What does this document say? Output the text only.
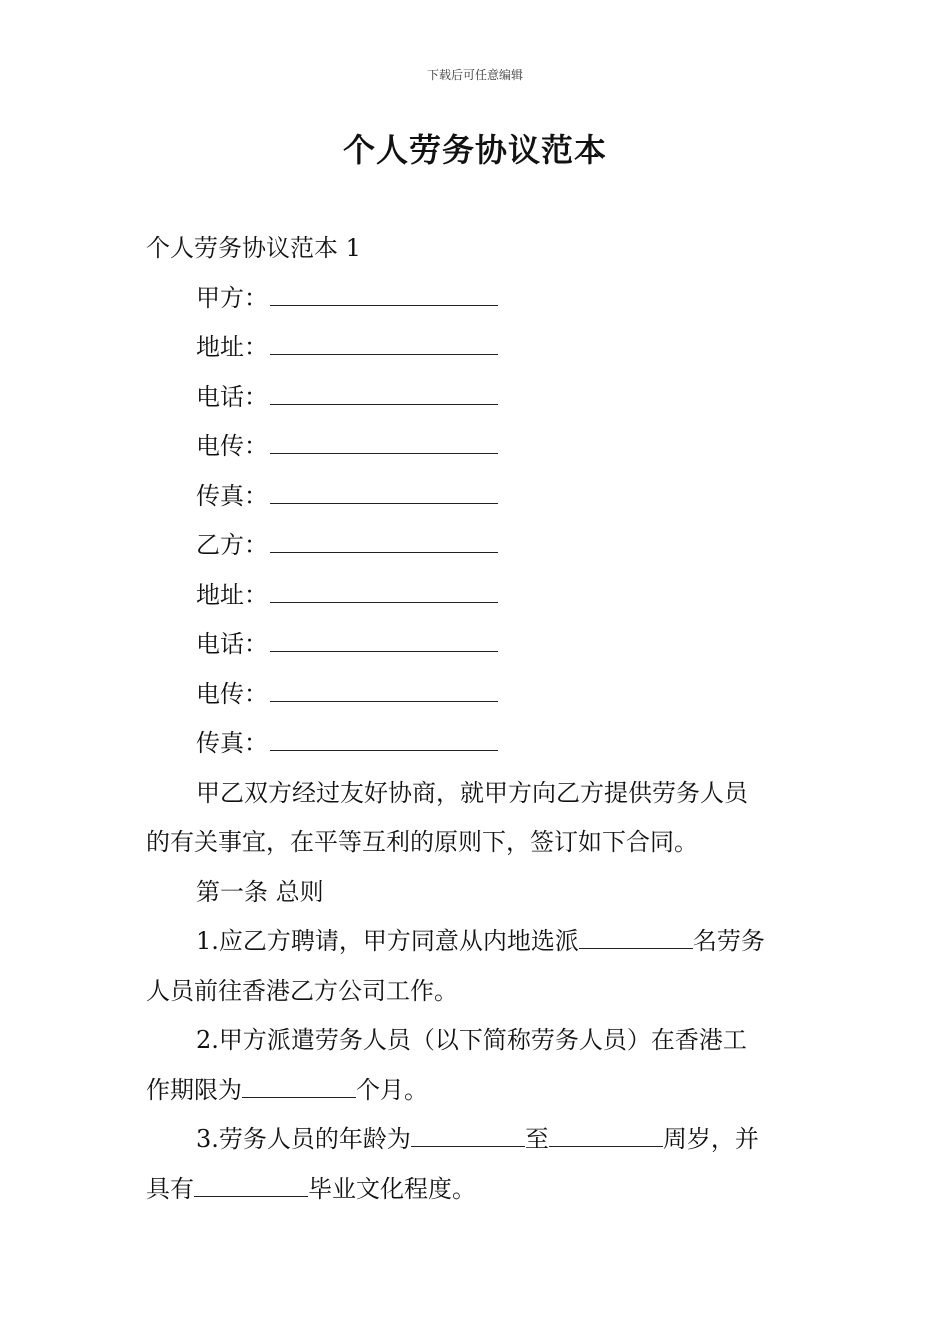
下载后可任意编辑
个人劳务协议范本
个人劳务协议范本 1
甲方：
地址：
电话：
电传：
传真：
乙方：
地址：
电话：
电传：
传真：
甲乙双方经过友好协商，就甲方向乙方提供劳务人员
的有关事宜，在平等互利的原则下，签订如下合同。
第一条 总则
1.应乙方聘请，甲方同意从内地选派	名劳务
人员前往香港乙方公司工作。
2.甲方派遣劳务人员（以下简称劳务人员）在香港工
作期限为	个月。
3.劳务人员的年龄为	至	周岁，并
具有	毕业文化程度。
